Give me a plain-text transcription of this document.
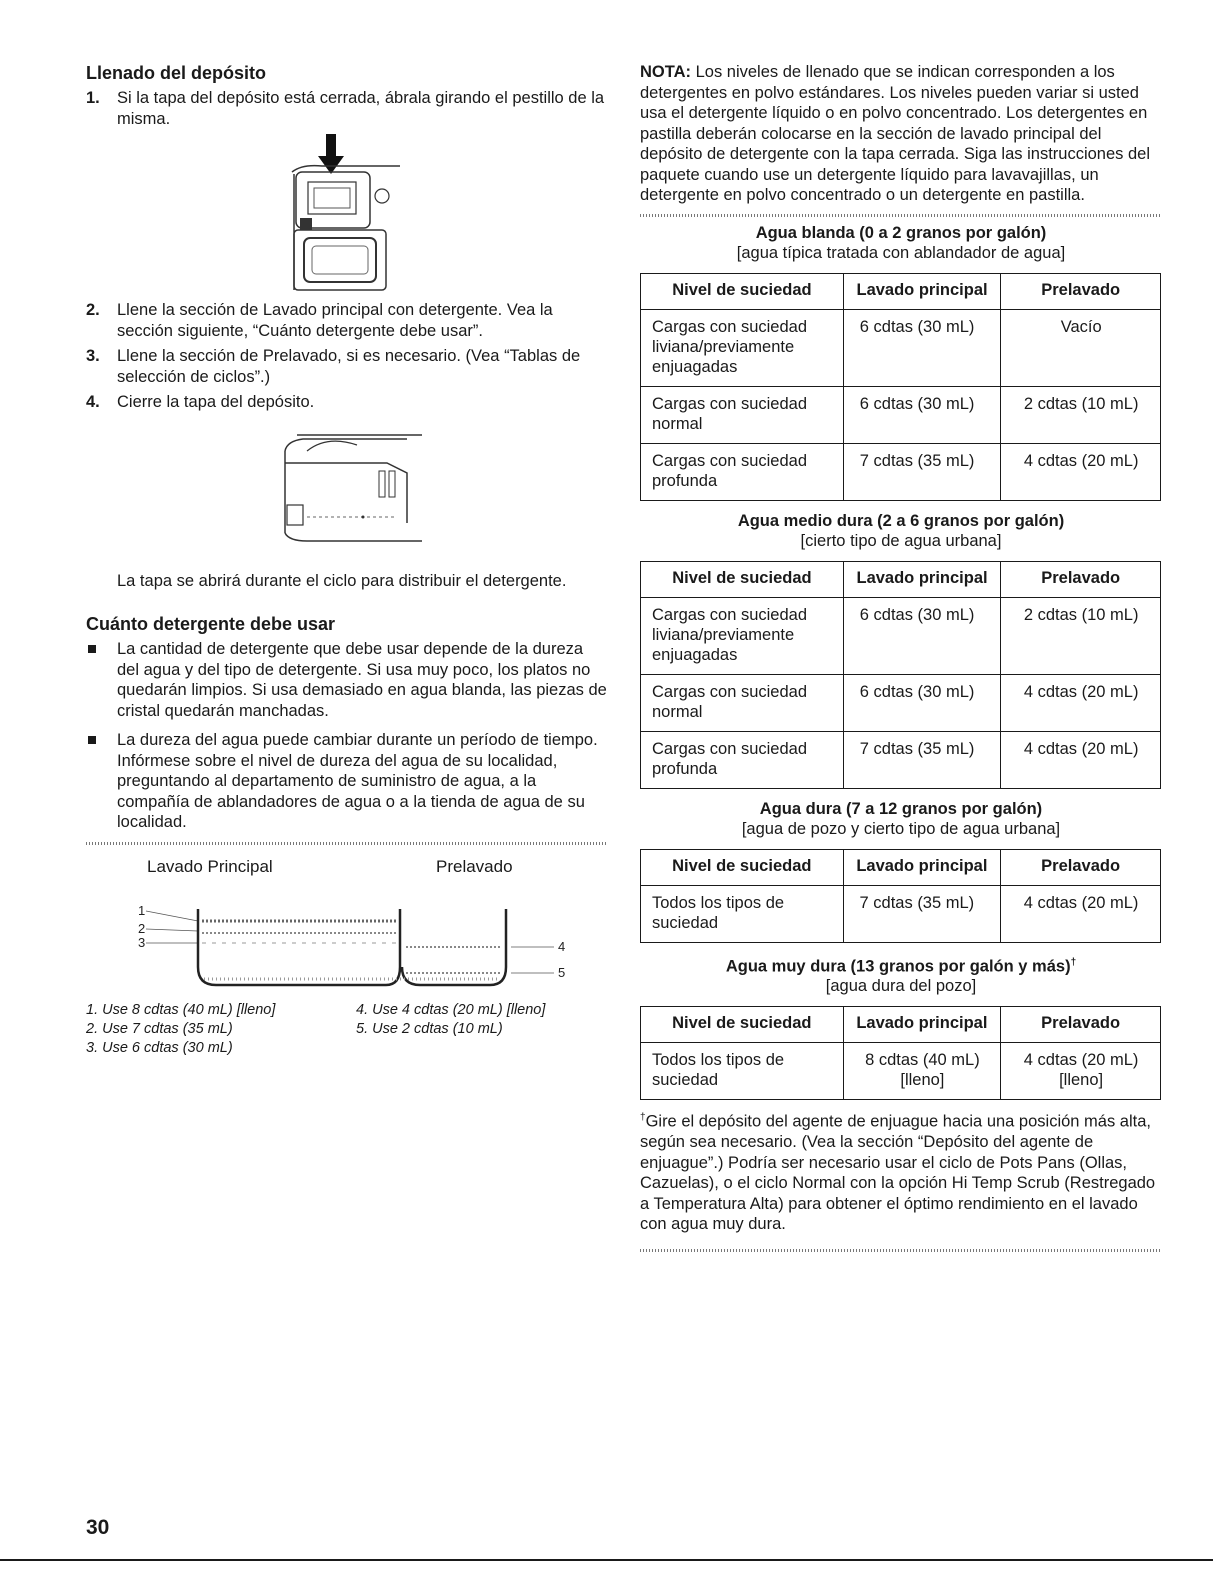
Llenado del depósito
1. Si la tapa del depósito está cerrada, ábrala girando el pestillo de la misma.
2. Llene la sección de Lavado principal con detergente. Vea la sección siguiente, “Cuánto detergente debe usar”.
3. Llene la sección de Prelavado, si es necesario. (Vea “Tablas de selección de ciclos”.)
4. Cierre la tapa del depósito.
La tapa se abrirá durante el ciclo para distribuir el detergente.
Cuánto detergente debe usar
La cantidad de detergente que debe usar depende de la dureza del agua y del tipo de detergente. Si usa muy poco, los platos no quedarán limpios. Si usa demasiado en agua blanda, las piezas de cristal quedarán manchadas.
La dureza del agua puede cambiar durante un período de tiempo. Infórmese sobre el nivel de dureza del agua de su localidad, preguntando al departamento de suministro de agua, a la compañía de ablandadores de agua o a la tienda de agua de su localidad.
Lavado Principal	Prelavado
1
2
3	4
5
1. Use 8 cdtas (40 mL) [lleno]
2. Use 7 cdtas (35 mL)
3. Use 6 cdtas (30 mL)
4. Use 4 cdtas (20 mL) [lleno]
5. Use 2 cdtas (10 mL)
NOTA: Los niveles de llenado que se indican corresponden a los detergentes en polvo estándares. Los niveles pueden variar si usted usa el detergente líquido o en polvo concentrado. Los detergentes en pastilla deberán colocarse en la sección de lavado principal del depósito de detergente con la tapa cerrada. Siga las instrucciones del paquete cuando use un detergente líquido para lavavajillas, un detergente en polvo concentrado o un detergente en pastilla.
Agua blanda (0 a 2 granos por galón)
[agua típica tratada con ablandador de agua]
Nivel de suciedad	Lavado principal	Prelavado
Cargas con suciedad liviana/previamente enjuagadas	6 cdtas (30 mL)	Vacío
Cargas con suciedad normal	6 cdtas (30 mL)	2 cdtas (10 mL)
Cargas con suciedad profunda	7 cdtas (35 mL)	4 cdtas (20 mL)
Agua medio dura (2 a 6 granos por galón)
[cierto tipo de agua urbana]
Nivel de suciedad	Lavado principal	Prelavado
Cargas con suciedad liviana/previamente enjuagadas	6 cdtas (30 mL)	2 cdtas (10 mL)
Cargas con suciedad normal	6 cdtas (30 mL)	4 cdtas (20 mL)
Cargas con suciedad profunda	7 cdtas (35 mL)	4 cdtas (20 mL)
Agua dura (7 a 12 granos por galón)
[agua de pozo y cierto tipo de agua urbana]
Nivel de suciedad	Lavado principal	Prelavado
Todos los tipos de suciedad	7 cdtas (35 mL)	4 cdtas (20 mL)
Agua muy dura (13 granos por galón y más)†
[agua dura del pozo]
Nivel de suciedad	Lavado principal	Prelavado
Todos los tipos de suciedad	8 cdtas (40 mL) [lleno]	4 cdtas (20 mL) [lleno]
†Gire el depósito del agente de enjuague hacia una posición más alta, según sea necesario. (Vea la sección “Depósito del agente de enjuague”.) Podría ser necesario usar el ciclo de Pots Pans (Ollas, Cazuelas), o el ciclo Normal con la opción Hi Temp Scrub (Restregado a Temperatura Alta) para obtener el óptimo rendimiento en el lavado con agua muy dura.
30
